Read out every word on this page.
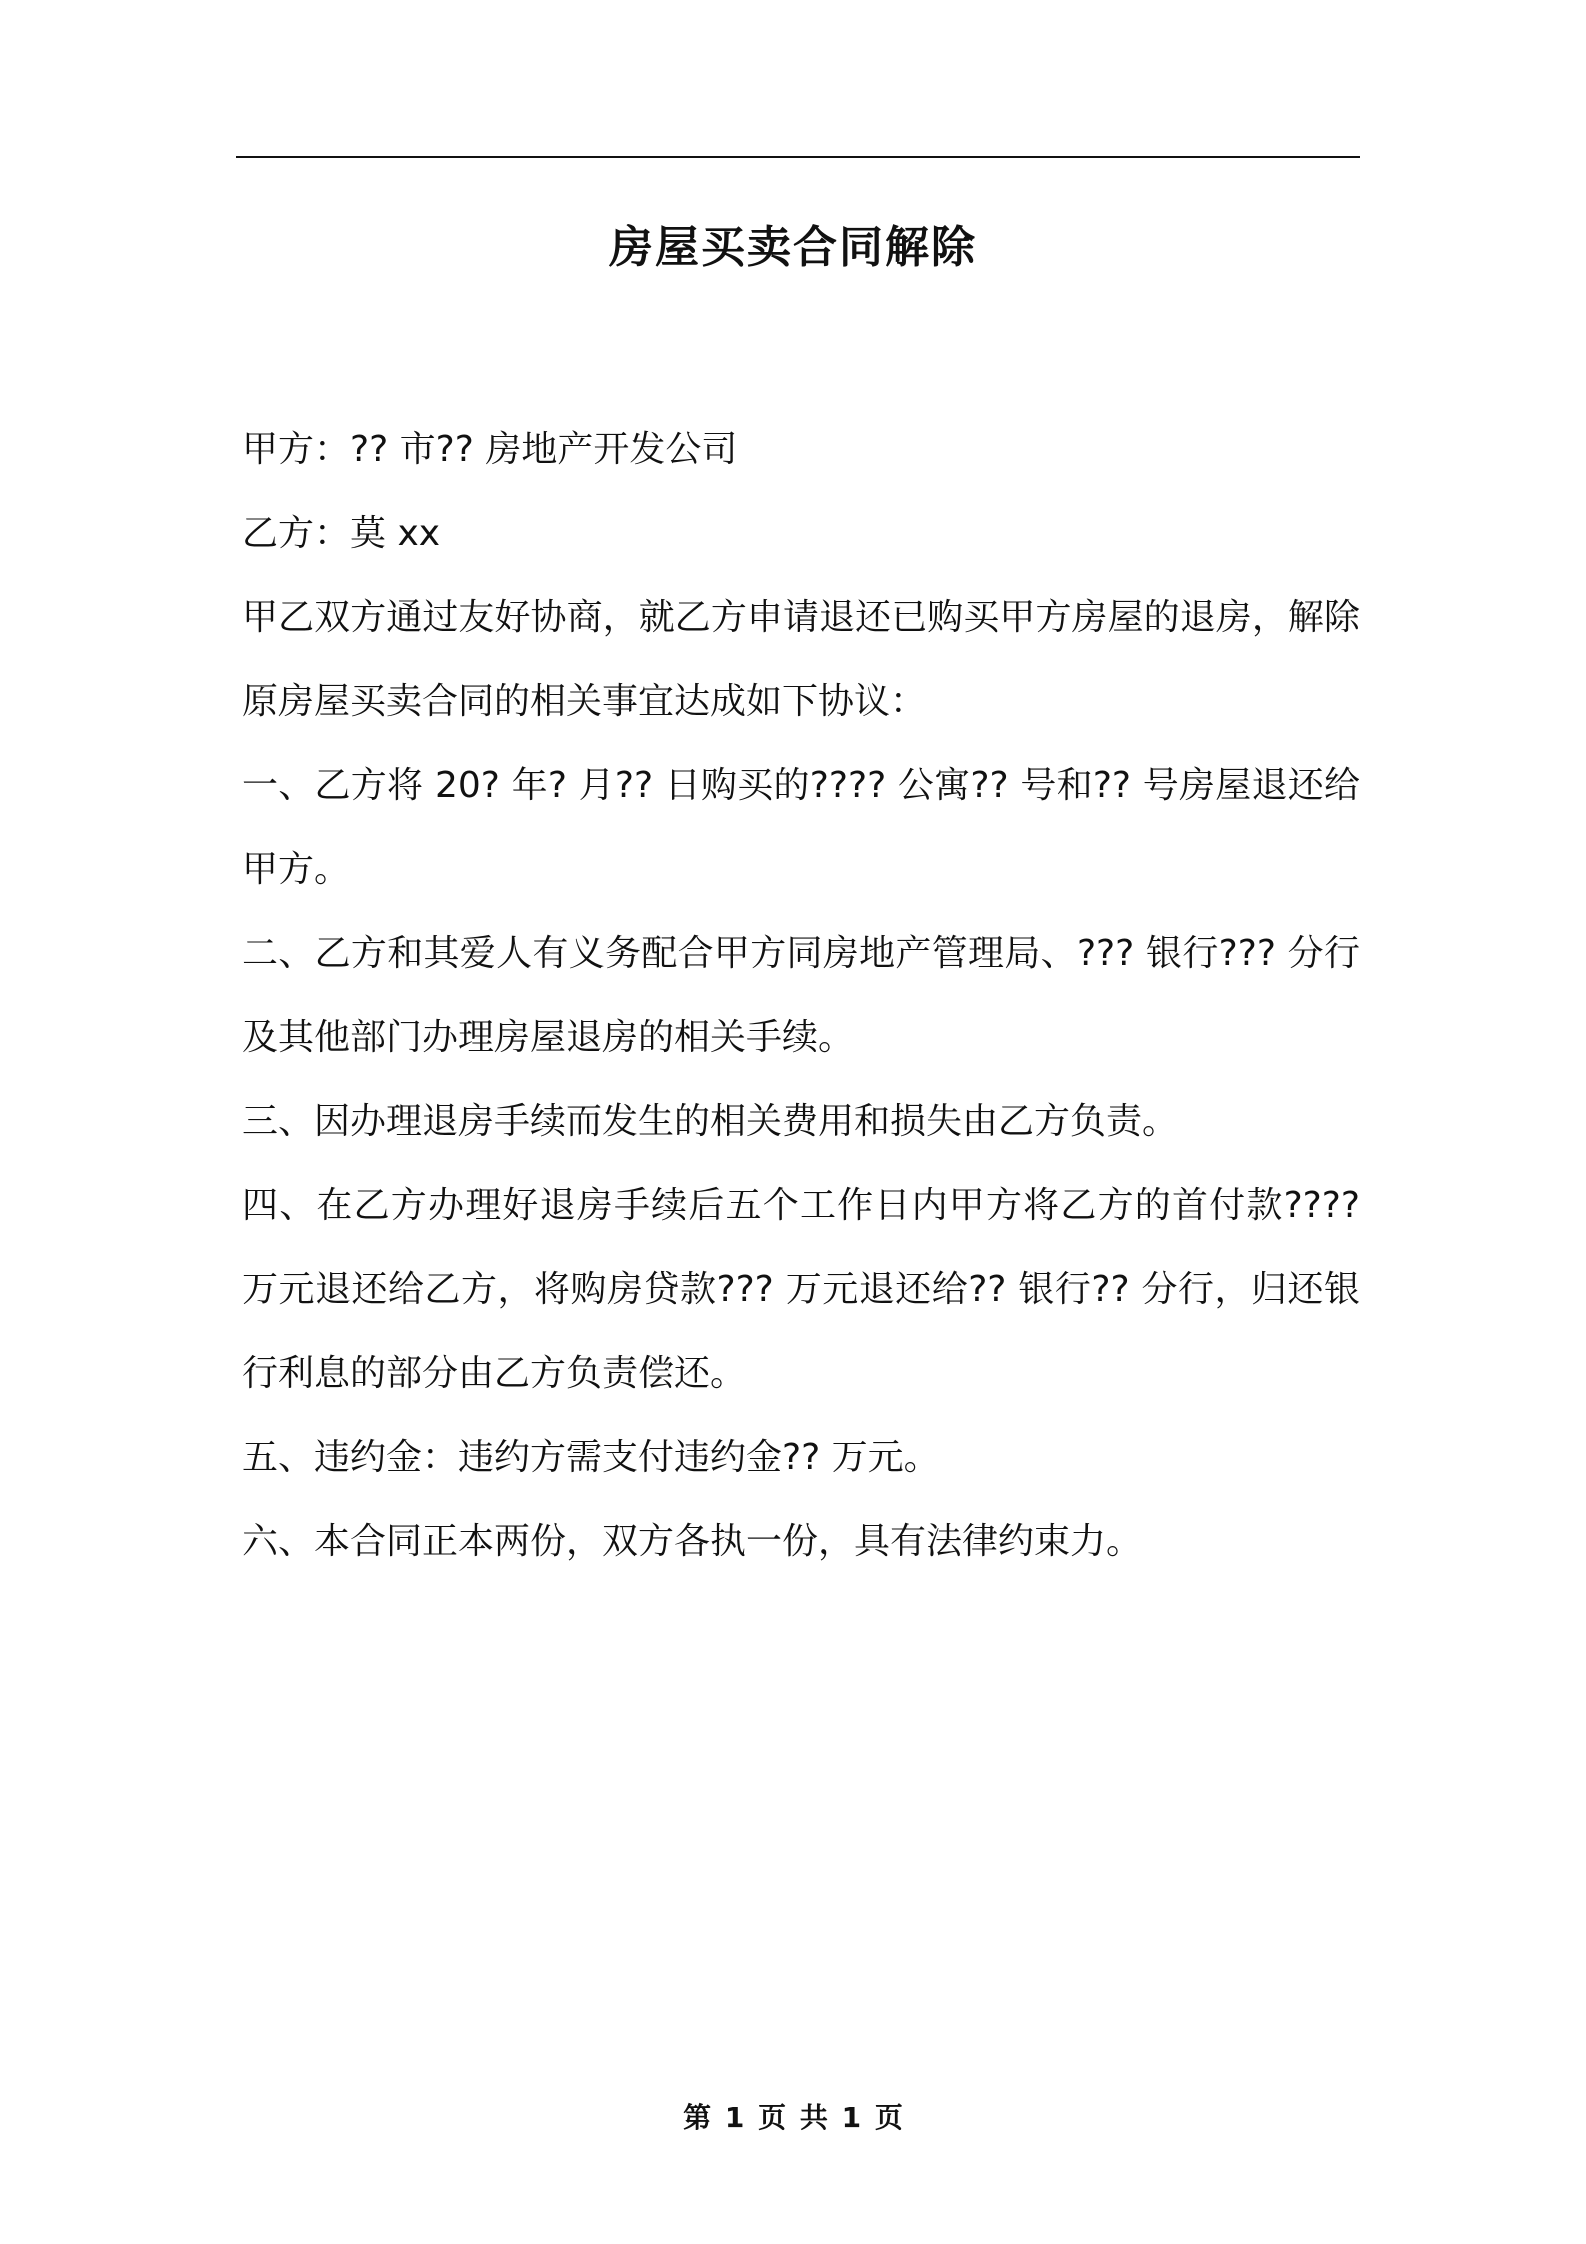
房屋买卖合同解除

甲方：?? 市?? 房地产开发公司

乙方：莫 xx

甲乙双方通过友好协商，就乙方申请退还已购买甲方房屋的退房，解除原房屋买卖合同的相关事宜达成如下协议：

一、乙方将 20? 年? 月?? 日购买的???? 公寓?? 号和?? 号房屋退还给甲方。

二、乙方和其爱人有义务配合甲方同房地产管理局、??? 银行??? 分行及其他部门办理房屋退房的相关手续。

三、因办理退房手续而发生的相关费用和损失由乙方负责。

四、在乙方办理好退房手续后五个工作日内甲方将乙方的首付款???? 万元退还给乙方，将购房贷款??? 万元退还给?? 银行?? 分行，归还银行利息的部分由乙方负责偿还。

五、违约金：违约方需支付违约金?? 万元。

六、本合同正本两份，双方各执一份，具有法律约束力。

第 1 页 共 1 页
